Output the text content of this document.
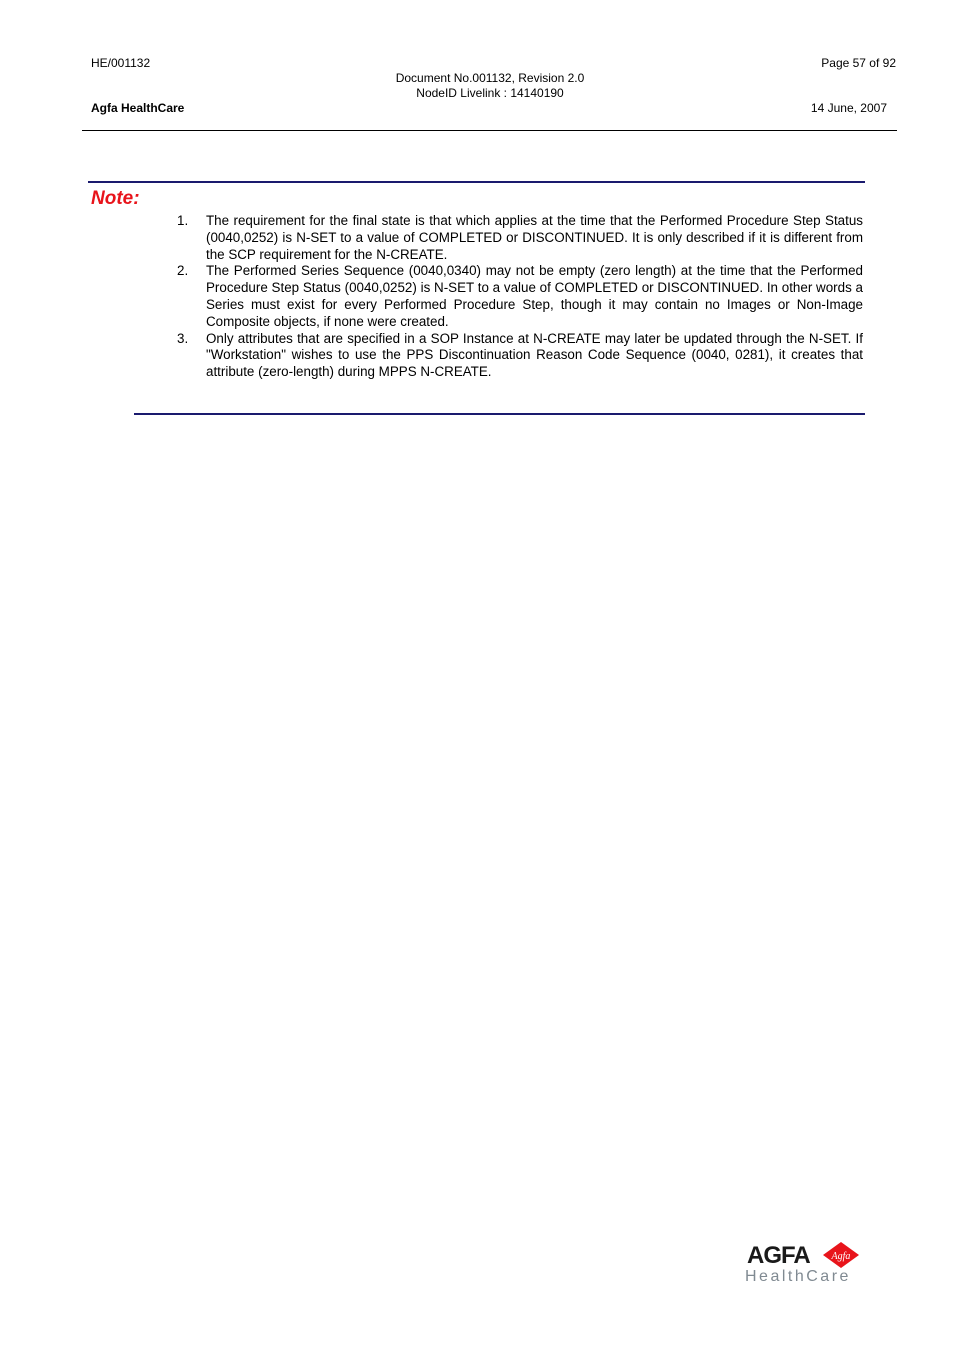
HE/001132	Page 57 of 92
Document No.001132, Revision 2.0
NodeID Livelink : 14140190
Agfa HealthCare	14 June, 2007
Note:
1. The requirement for the final state is that which applies at the time that the Performed Procedure Step Status (0040,0252) is N-SET to a value of COMPLETED or DISCONTINUED. It is only described if it is different from the SCP requirement for the N-CREATE.
2. The Performed Series Sequence (0040,0340) may not be empty (zero length) at the time that the Performed Procedure Step Status (0040,0252) is N-SET to a value of COMPLETED or DISCONTINUED. In other words a Series must exist for every Performed Procedure Step, though it may contain no Images or Non-Image Composite objects, if none were created.
3. Only attributes that are specified in a SOP Instance at N-CREATE may later be updated through the N-SET. If "Workstation" wishes to use the PPS Discontinuation Reason Code Sequence (0040, 0281), it creates that attribute (zero-length) during MPPS N-CREATE.
AGFA Agfa
HealthCare
